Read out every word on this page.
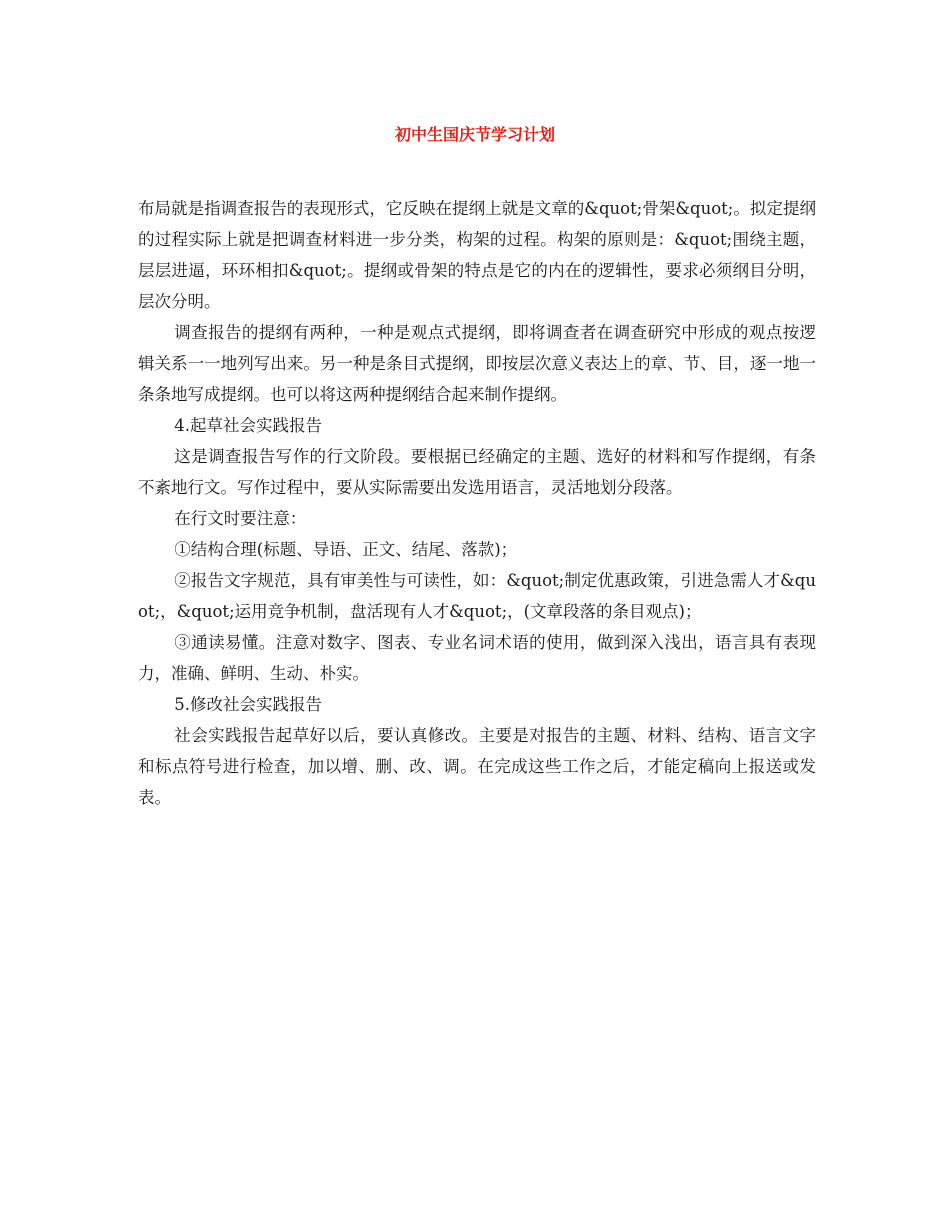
初中生国庆节学习计划

布局就是指调查报告的表现形式，它反映在提纲上就是文章的&quot;骨架&quot;。拟定提纲的过程实际上就是把调查材料进一步分类，构架的过程。构架的原则是：&quot;围绕主题，层层进逼，环环相扣&quot;。提纲或骨架的特点是它的内在的逻辑性，要求必须纲目分明，层次分明。

调查报告的提纲有两种，一种是观点式提纲，即将调查者在调查研究中形成的观点按逻辑关系一一地列写出来。另一种是条目式提纲，即按层次意义表达上的章、节、目，逐一地一条条地写成提纲。也可以将这两种提纲结合起来制作提纲。

4.起草社会实践报告

这是调查报告写作的行文阶段。要根据已经确定的主题、选好的材料和写作提纲，有条不紊地行文。写作过程中，要从实际需要出发选用语言，灵活地划分段落。

在行文时要注意：

①结构合理(标题、导语、正文、结尾、落款)；

②报告文字规范，具有审美性与可读性，如：&quot;制定优惠政策，引进急需人才&quot;，&quot;运用竞争机制，盘活现有人才&quot;，(文章段落的条目观点)；

③通读易懂。注意对数字、图表、专业名词术语的使用，做到深入浅出，语言具有表现力，准确、鲜明、生动、朴实。

5.修改社会实践报告

社会实践报告起草好以后，要认真修改。主要是对报告的主题、材料、结构、语言文字和标点符号进行检查，加以增、删、改、调。在完成这些工作之后，才能定稿向上报送或发表。
